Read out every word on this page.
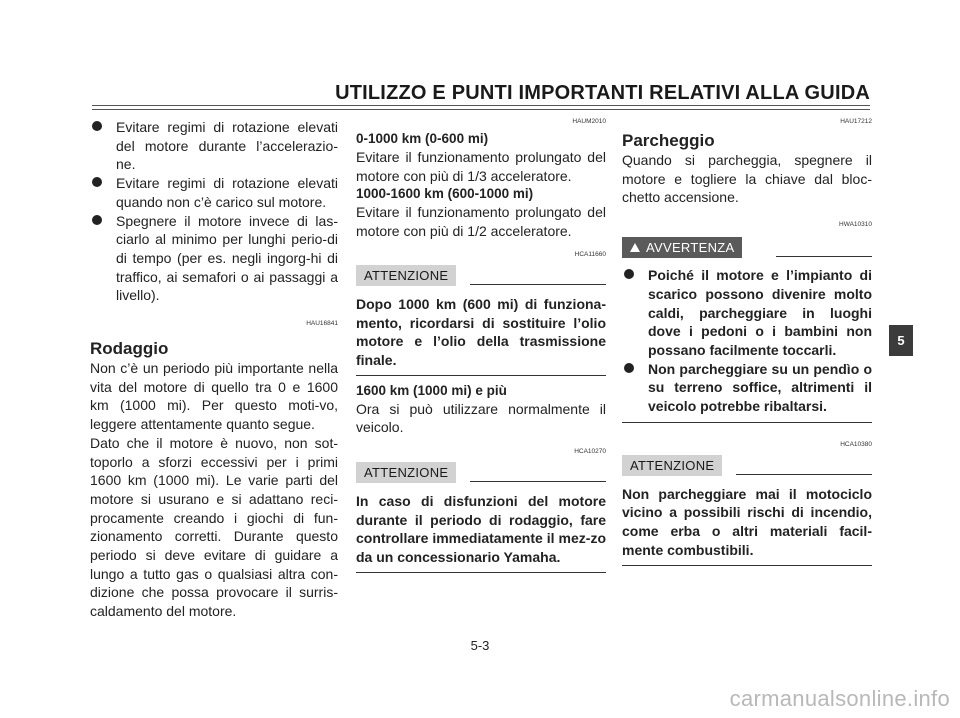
UTILIZZO E PUNTI IMPORTANTI RELATIVI ALLA GUIDA
Evitare regimi di rotazione elevati del motore durante l’accelerazio-ne.
Evitare regimi di rotazione elevati quando non c’è carico sul motore.
Spegnere il motore invece di las-ciarlo al minimo per lunghi perio-di di tempo (per es. negli ingorg-hi di traffico, ai semafori o ai passaggi a livello).

HAU16841

Rodaggio

Non c’è un periodo più importante nella vita del motore di quello tra 0 e 1600 km (1000 mi). Per questo moti-vo, leggere attentamente quanto segue.

Dato che il motore è nuovo, non sot-toporlo a sforzi eccessivi per i primi 1600 km (1000 mi). Le varie parti del motore si usurano e si adattano reci-procamente creando i giochi di fun-zionamento corretti. Durante questo periodo si deve evitare di guidare a lungo a tutto gas o qualsiasi altra con-dizione che possa provocare il surris-caldamento del motore.

HAUM2010

0-1000 km (0-600 mi)

Evitare il funzionamento prolungato del motore con più di 1/3 acceleratore.

1000-1600 km (600-1000 mi)

Evitare il funzionamento prolungato del motore con più di 1/2 acceleratore.

HCA11660

ATTENZIONE

Dopo 1000 km (600 mi) di funziona-mento, ricordarsi di sostituire l’olio motore e l’olio della trasmissione finale.

1600 km (1000 mi) e più

Ora si può utilizzare normalmente il veicolo.

HCA10270

ATTENZIONE

In caso di disfunzioni del motore durante il periodo di rodaggio, fare controllare immediatamente il mez-zo da un concessionario Yamaha.

HAU17212

Parcheggio

Quando si parcheggia, spegnere il motore e togliere la chiave dal bloc-chetto accensione.

HWA10310

AVVERTENZA
Poiché il motore e l’impianto di scarico possono divenire molto caldi, parcheggiare in luoghi dove i pedoni o i bambini non possano facilmente toccarli.
Non parcheggiare su un pendìo o su terreno soffice, altrimenti il veicolo potrebbe ribaltarsi.

HCA10380

ATTENZIONE

Non parcheggiare mai il motociclo vicino a possibili rischi di incendio, come erba o altri materiali facil-mente combustibili.

5
5-3
carmanualsonline.info
